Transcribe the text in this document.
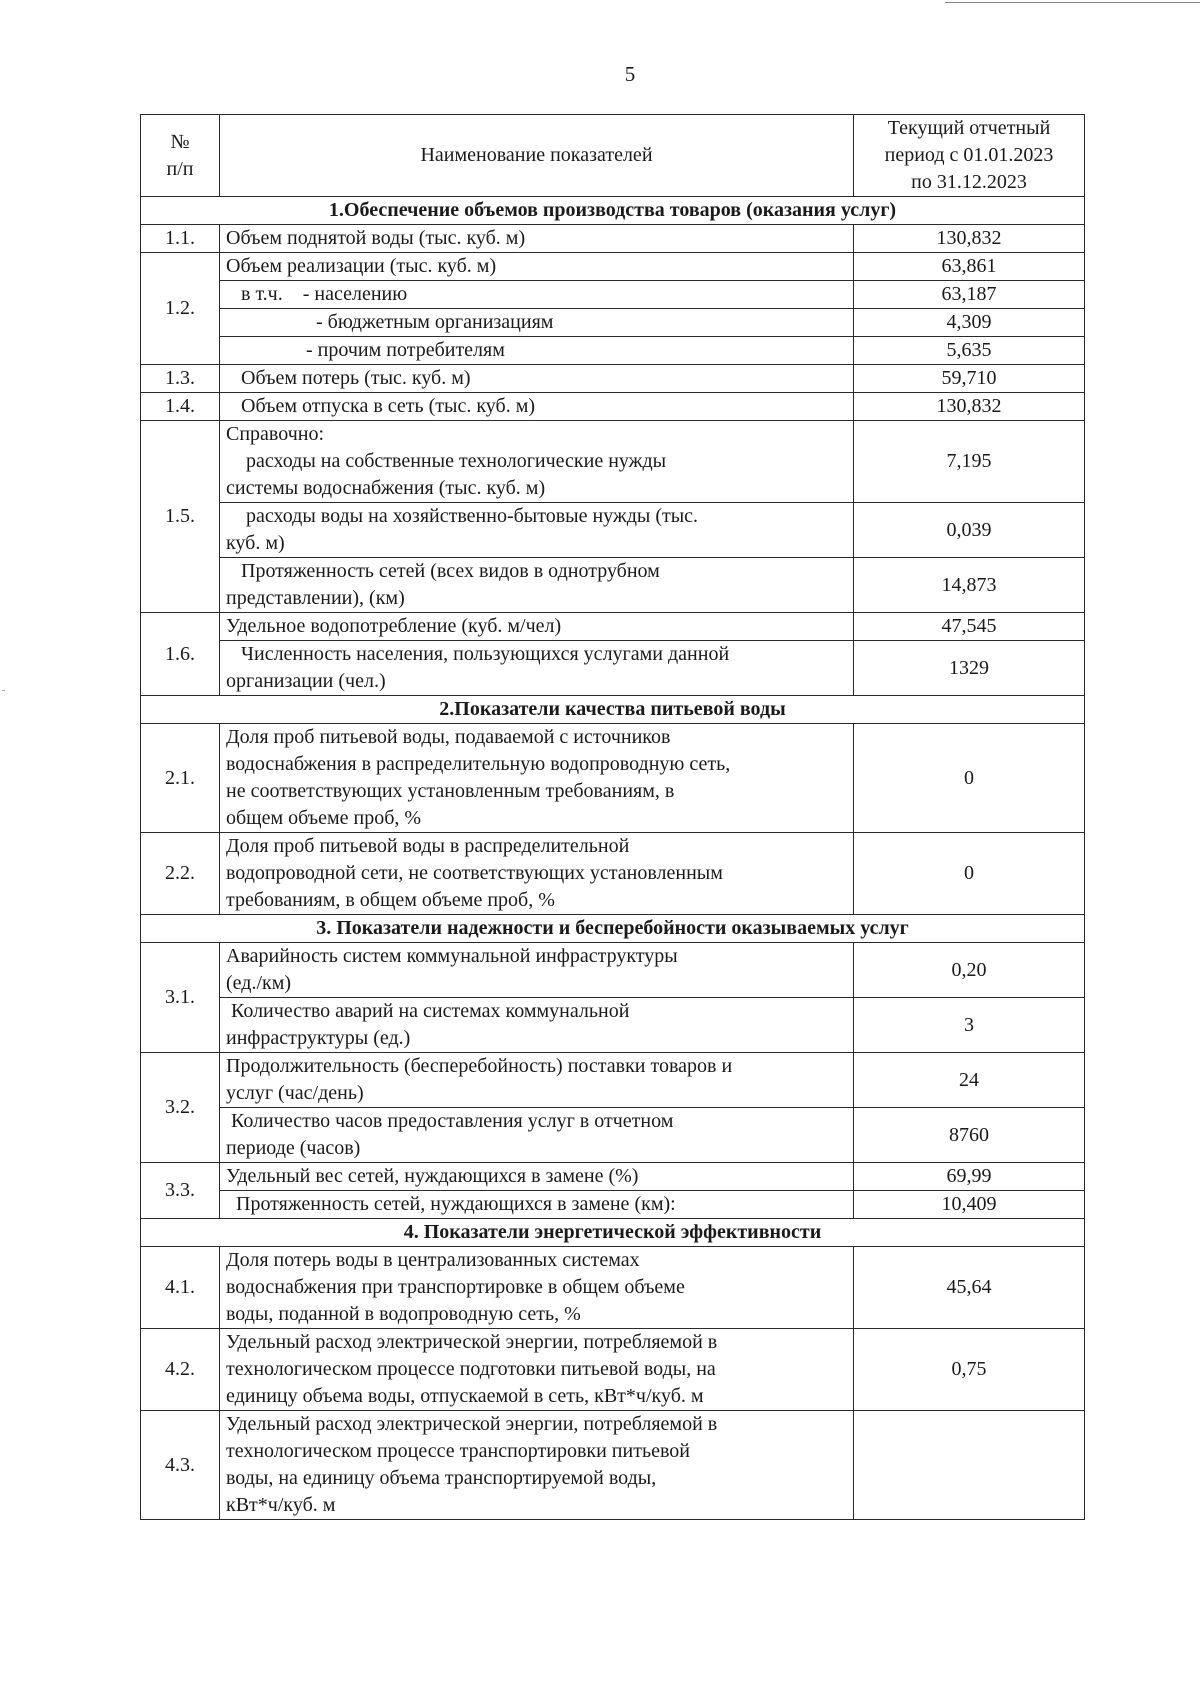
5
№
п/п	Наименование показателей	Текущий отчетный
период с 01.01.2023
по 31.12.2023
1.Обеспечение объемов производства товаров (оказания услуг)		
1.1.	Объем поднятой воды (тыс. куб. м)	130,832
1.2.	Объем реализации (тыс. куб. м)	63,861
	в т.ч.    - населению	63,187
	- бюджетным организациям	4,309
	- прочим потребителям	5,635
1.3.	Объем потерь (тыс. куб. м)	59,710
1.4.	Объем отпуска в сеть (тыс. куб. м)	130,832
1.5.	Справочно:
расходы на собственные технологические нужды
системы водоснабжения (тыс. куб. м)	7,195
	расходы воды на хозяйственно-бытовые нужды (тыс.
куб. м)	0,039
	Протяженность сетей (всех видов в однотрубном
представлении), (км)	14,873
1.6.	Удельное водопотребление (куб. м/чел)	47,545
	Численность населения, пользующихся услугами данной
организации (чел.)	1329
2.Показатели качества питьевой воды		
2.1.	Доля проб питьевой воды, подаваемой с источников
водоснабжения в распределительную водопроводную сеть,
не соответствующих установленным требованиям, в
общем объеме проб, %	0
2.2.	Доля проб питьевой воды в распределительной
водопроводной сети, не соответствующих установленным
требованиям, в общем объеме проб, %	0
3. Показатели надежности и бесперебойности оказываемых услуг		
3.1.	Аварийность систем коммунальной инфраструктуры
(ед./км)	0,20
	Количество аварий на системах коммунальной
инфраструктуры (ед.)	3
3.2.	Продолжительность (бесперебойность) поставки товаров и
услуг (час/день)	24
	Количество часов предоставления услуг в отчетном
периоде (часов)	8760
3.3.	Удельный вес сетей, нуждающихся в замене (%)	69,99
	Протяженность сетей, нуждающихся в замене (км):	10,409
4. Показатели энергетической эффективности		
4.1.	Доля потерь воды в централизованных системах
водоснабжения при транспортировке в общем объеме
воды, поданной в водопроводную сеть, %	45,64
4.2.	Удельный расход электрической энергии, потребляемой в
технологическом процессе подготовки питьевой воды, на
единицу объема воды, отпускаемой в сеть, кВт*ч/куб. м	0,75
4.3.	Удельный расход электрической энергии, потребляемой в
технологическом процессе транспортировки питьевой
воды, на единицу объема транспортируемой воды,
кВт*ч/куб. м	
